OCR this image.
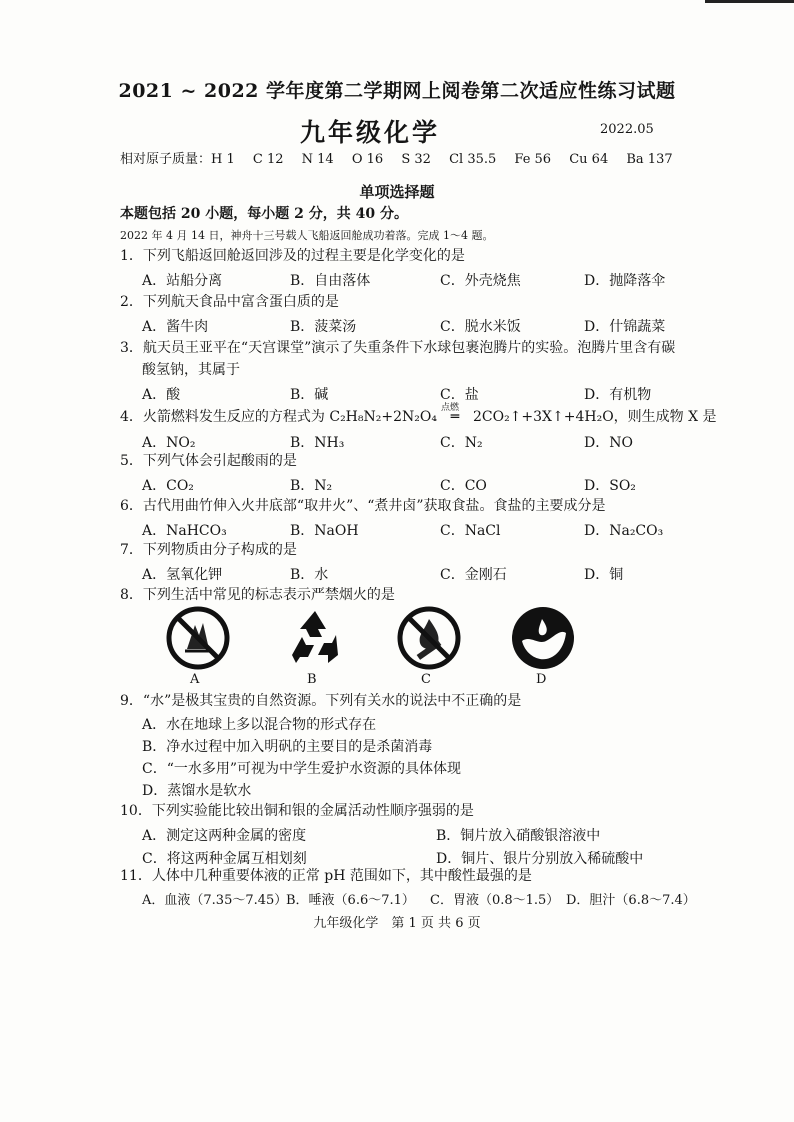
2021 ~ 2022 学年度第二学期网上阅卷第二次适应性练习试题
九年级化学	2022.05
相对原子质量：H 1 C 12 N 14 O 16 S 32 Cl 35.5 Fe 56 Cu 64 Ba 137
单项选择题
本题包括 20 小题，每小题 2 分，共 40 分。
2022 年 4 月 14 日，神舟十三号载人飞船返回舱成功着落。完成 1～4 题。
1．下列飞船返回舱返回涉及的过程主要是化学变化的是
A．站船分离	B．自由落体	C．外壳烧焦	D．抛降落伞
2．下列航天食品中富含蛋白质的是
A．酱牛肉	B．菠菜汤	C．脱水米饭	D．什锦蔬菜
3．航天员王亚平在“天宫课堂”演示了失重条件下水球包裹泡腾片的实验。泡腾片里含有碳
酸氢钠，其属于
A．酸	B．碱	C．盐	D．有机物
4．火箭燃料发生反应的方程式为 C₂H₈N₂+2N₂O₄
点燃
═ 2CO₂↑+3X↑+4H₂O，则生成物 X 是
A．NO₂	B．NH₃	C．N₂	D．NO
5．下列气体会引起酸雨的是
A．CO₂	B．N₂	C．CO	D．SO₂
6．古代用曲竹伸入火井底部“取井火”、“煮井卤”获取食盐。食盐的主要成分是
A．NaHCO₃	B．NaOH	C．NaCl	D．Na₂CO₃
7．下列物质由分子构成的是
A．氢氧化钾	B．水	C．金刚石	D．铜
8．下列生活中常见的标志表示严禁烟火的是
A	B	C	D
9．“水”是极其宝贵的自然资源。下列有关水的说法中不正确的是
A．水在地球上多以混合物的形式存在
B．净水过程中加入明矾的主要目的是杀菌消毒
C．“一水多用”可视为中学生爱护水资源的具体体现
D．蒸馏水是软水
10．下列实验能比较出铜和银的金属活动性顺序强弱的是
A．测定这两种金属的密度	B．铜片放入硝酸银溶液中
C．将这两种金属互相划刻	D．铜片、银片分别放入稀硫酸中
11．人体中几种重要体液的正常 pH 范围如下，其中酸性最强的是
A．血液（7.35～7.45）
B．唾液（6.6～7.1） C．胃液（0.8～1.5） D．胆汁（6.8～7.4）
九年级化学　第 1 页 共 6 页
